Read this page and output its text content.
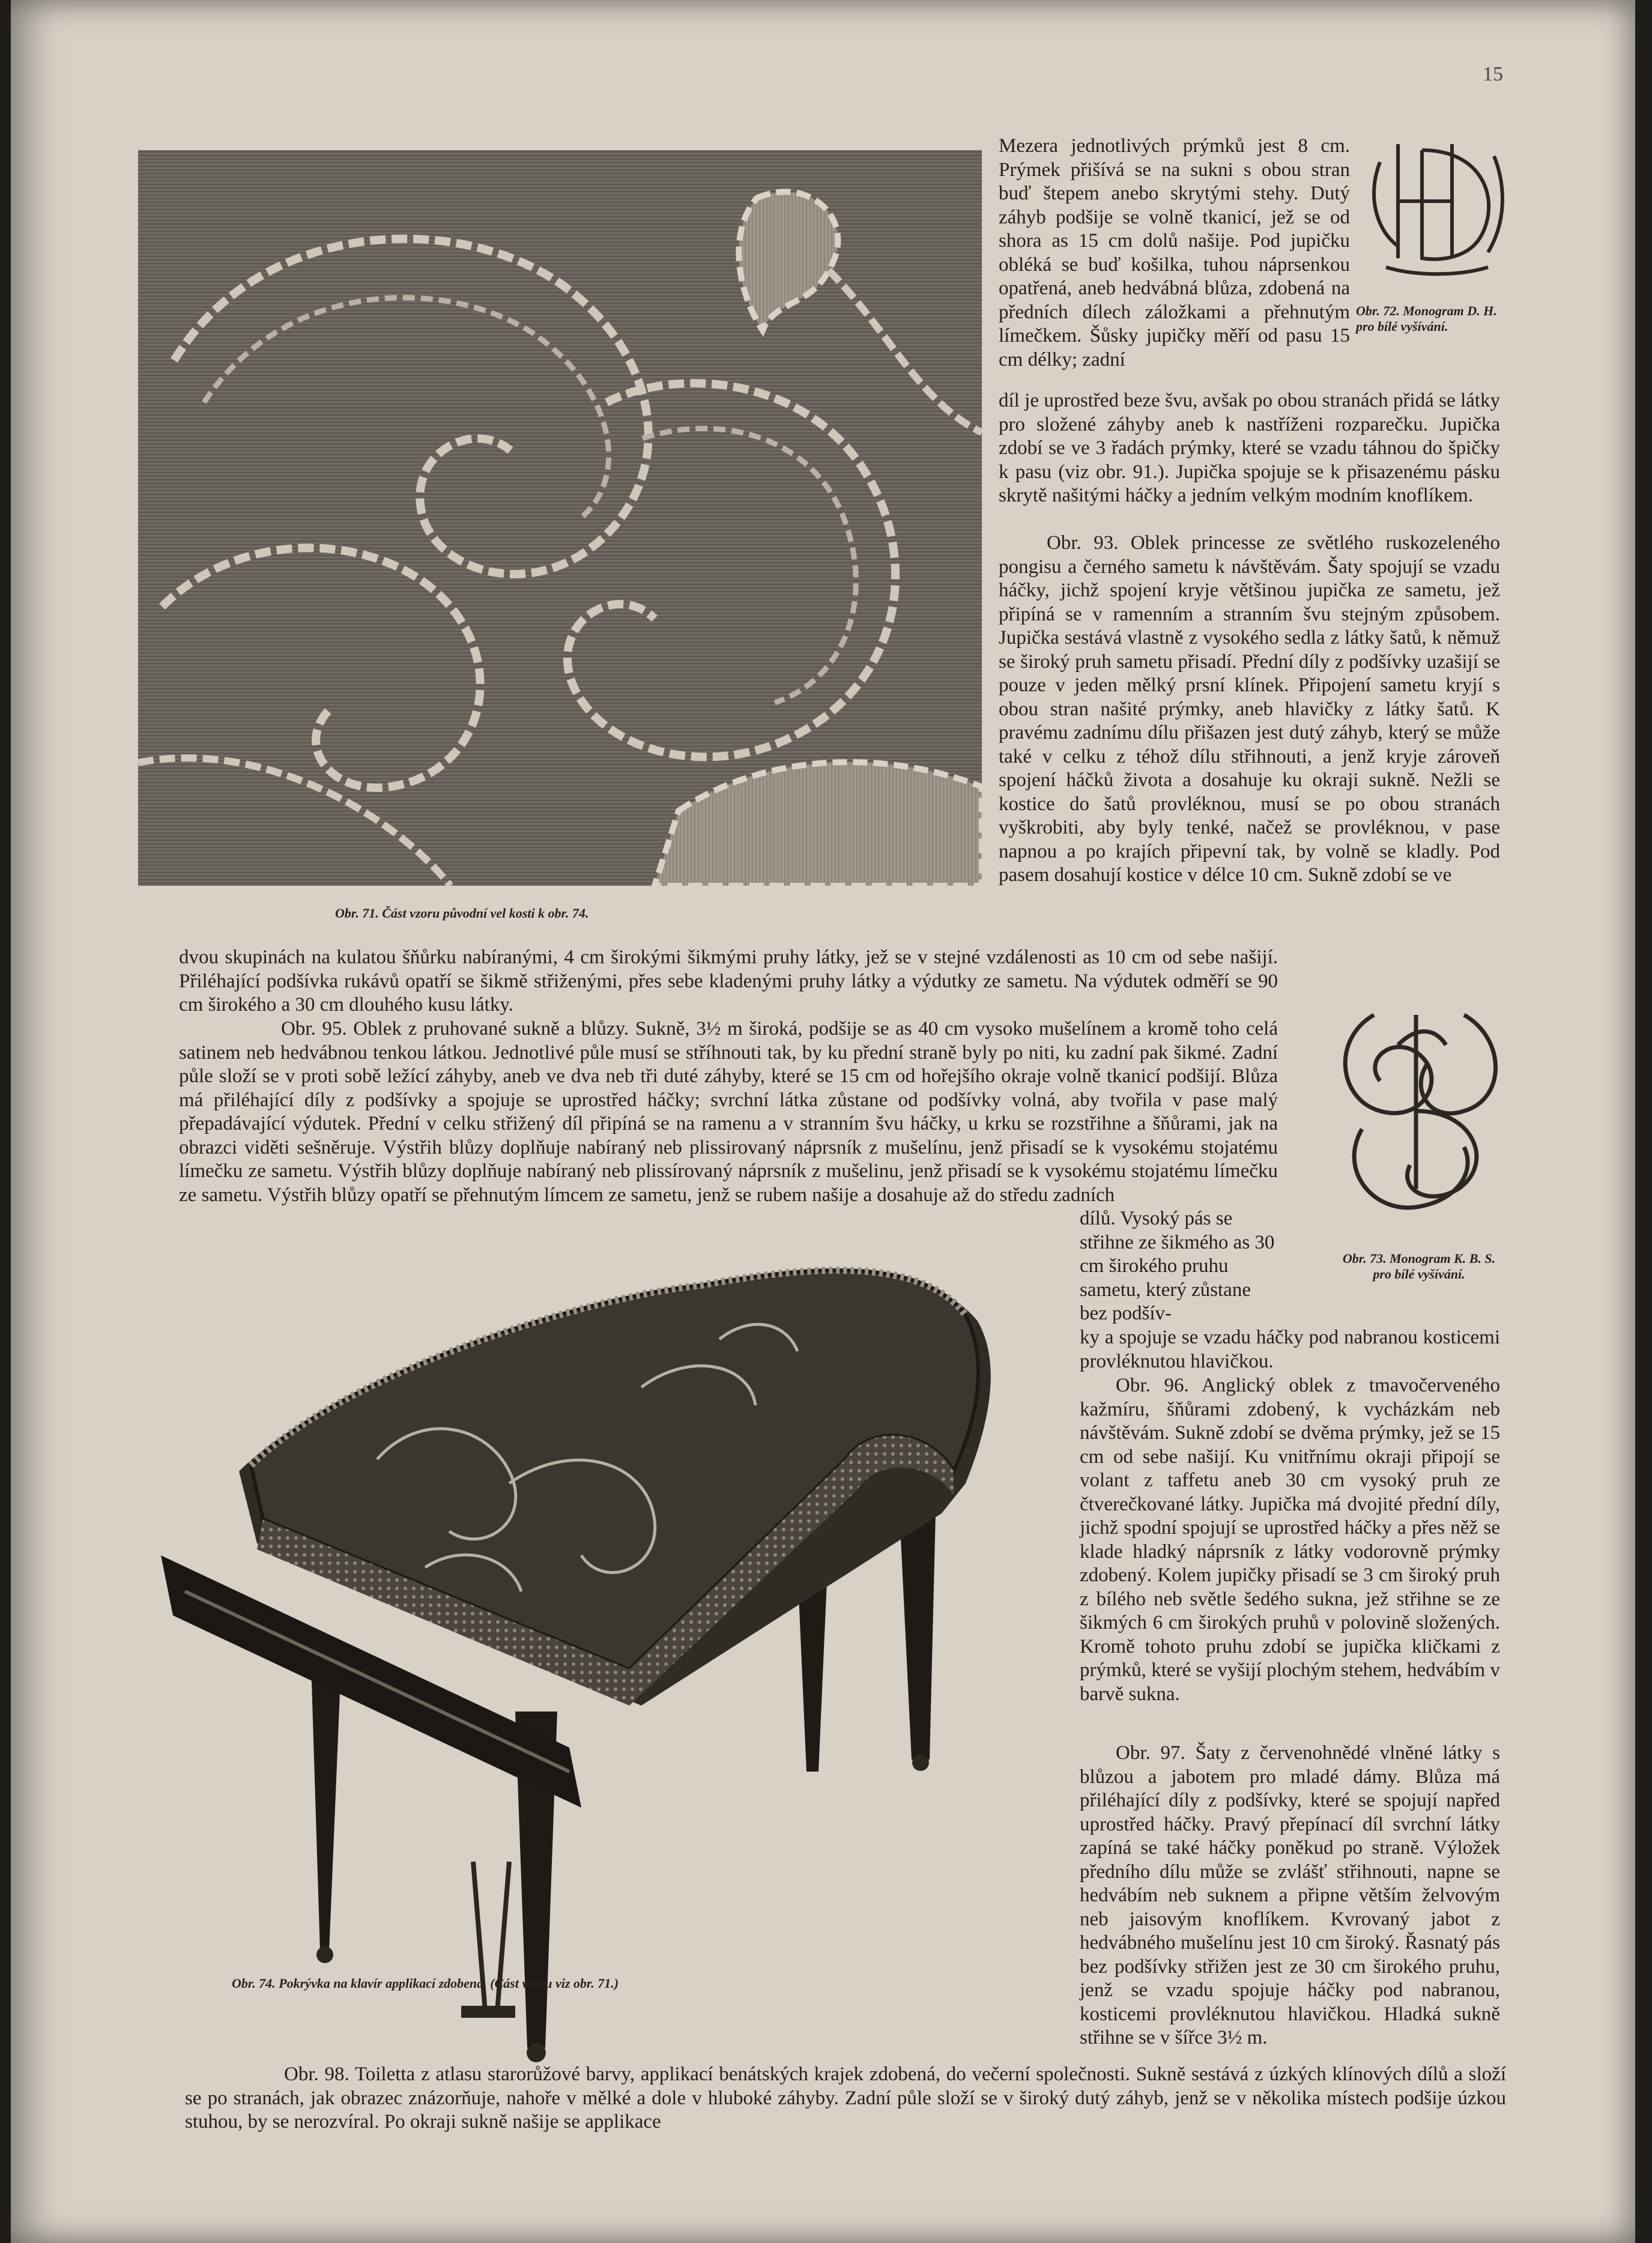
15

Obr. 71. Část vzoru původní vel kosti k obr. 74.

Obr. 72. Monogram D. H. pro bílé vyšívání.

Obr. 73. Monogram K. B. S. pro bílé vyšívání.

Obr. 74. Pokrývka na klavír applikací zdobená. (Část vzoru viz obr. 71.)

Mezera jednotlivých prýmků jest 8 cm. Prýmek přišívá se na sukni s obou stran buď štepem anebo skrytými stehy. Dutý záhyb podšije se volně tkanicí, jež se od shora as 15 cm dolů našije. Pod jupičku obléká se buď košilka, tuhou náprsenkou opatřená, aneb hedvábná blůza, zdobená na předních dílech záložkami a přehnutým límečkem. Šůsky jupičky měří od pasu 15 cm délky; zadní

díl je uprostřed beze švu, avšak po obou stranách přidá se látky pro složené záhyby aneb k nastříženi rozparečku. Jupička zdobí se ve 3 řadách prýmky, které se vzadu táhnou do špičky k pasu (viz obr. 91.). Jupička spojuje se k přisazenému pásku skrytě našitými háčky a jedním velkým modním knoflíkem.

Obr. 93. Oblek princesse ze světlého ruskozeleného pongisu a černého sametu k návštěvám. Šaty spojují se vzadu háčky, jichž spojení kryje většinou jupička ze sametu, jež připíná se v ramenním a stranním švu stejným způsobem. Jupička sestává vlastně z vysokého sedla z látky šatů, k němuž se široký pruh sametu přisadí. Přední díly z podšívky uzašijí se pouze v jeden mělký prsní klínek. Připojení sametu kryjí s obou stran našité prýmky, aneb hlavičky z látky šatů. K pravému zadnímu dílu přišazen jest dutý záhyb, který se může také v celku z téhož dílu střihnouti, a jenž kryje zároveň spojení háčků života a dosahuje ku okraji sukně. Nežli se kostice do šatů provléknou, musí se po obou stranách vyškrobiti, aby byly tenké, načež se provléknou, v pase napnou a po krajích připevní tak, by volně se kladly. Pod pasem dosahují kostice v délce 10 cm. Sukně zdobí se ve

dvou skupinách na kulatou šňůrku nabíranými, 4 cm širokými šikmými pruhy látky, jež se v stejné vzdálenosti as 10 cm od sebe našijí. Přiléhající podšívka rukávů opatří se šikmě střiženými, přes sebe kladenými pruhy látky a výdutky ze sametu. Na výdutek odměří se 90 cm širokého a 30 cm dlouhého kusu látky.

Obr. 95. Oblek z pruhované sukně a blůzy. Sukně, 3½ m široká, podšije se as 40 cm vysoko mušelínem a kromě toho celá satinem neb hedvábnou tenkou látkou. Jednotlivé půle musí se stříhnouti tak, by ku přední straně byly po niti, ku zadní pak šikmé. Zadní půle složí se v proti sobě ležící záhyby, aneb ve dva neb tři duté záhyby, které se 15 cm od hořejšího okraje volně tkanicí podšijí. Blůza má přiléhající díly z podšívky a spojuje se uprostřed háčky; svrchní látka zůstane od podšívky volná, aby tvořila v pase malý přepadávající výdutek. Přední v celku střižený díl připíná se na ramenu a v stranním švu háčky, u krku se rozstřihne a šňůrami, jak na obrazci viděti sešněruje. Výstřih blůzy doplňuje nabíraný neb plissirovaný náprsník z mušelínu, jenž přisadí se k vysokému stojatému límečku ze sametu. Výstřih blůzy doplňuje nabíraný neb plissírovaný náprsník z mušelinu, jenž přisadí se k vysokému stojatému límečku ze sametu. Výstřih blůzy opatří se přehnutým límcem ze sametu, jenž se rubem našije a dosahuje až do středu zadních

dílů. Vysoký pás se střihne ze šikmého as 30 cm širokého pruhu sametu, který zůstane bez podšív-

ky a spojuje se vzadu háčky pod nabranou kosticemi provléknutou hlavičkou.

Obr. 96. Anglický oblek z tmavočerveného kažmíru, šňůrami zdobený, k vycházkám neb návštěvám. Sukně zdobí se dvěma prýmky, jež se 15 cm od sebe našijí. Ku vnitřnímu okraji připojí se volant z taffetu aneb 30 cm vysoký pruh ze čtverečkované látky. Jupička má dvojité přední díly, jichž spodní spojují se uprostřed háčky a přes něž se klade hladký náprsník z látky vodorovně prýmky zdobený. Kolem jupičky přisadí se 3 cm široký pruh z bílého neb světle šedého sukna, jež střihne se ze šikmých 6 cm širokých pruhů v polovině složených. Kromě tohoto pruhu zdobí se jupička kličkami z prýmků, které se vyšijí plochým stehem, hedvábím v barvě sukna.

Obr. 97. Šaty z červenohnědé vlněné látky s blůzou a jabotem pro mladé dámy. Blůza má přiléhající díly z podšívky, které se spojují napřed uprostřed háčky. Pravý přepínací díl svrchní látky zapíná se také háčky poněkud po straně. Výložek předního dílu může se zvlášť střihnouti, napne se hedvábím neb suknem a připne větším želvovým neb jaisovým knoflíkem. Kvrovaný jabot z hedvábného mušelínu jest 10 cm široký. Řasnatý pás bez podšívky střižen jest ze 30 cm širokého pruhu, jenž se vzadu spojuje háčky pod nabranou, kosticemi provléknutou hlavičkou. Hladká sukně střihne se v šířce 3½ m.

Obr. 98. Toiletta z atlasu starorůžové barvy, applikací benátských krajek zdobená, do večerní společnosti. Sukně sestává z úzkých klínových dílů a složí se po stranách, jak obrazec znázorňuje, nahoře v mělké a dole v hluboké záhyby. Zadní půle složí se v široký dutý záhyb, jenž se v několika místech podšije úzkou stuhou, by se nerozvíral. Po okraji sukně našije se applikace
